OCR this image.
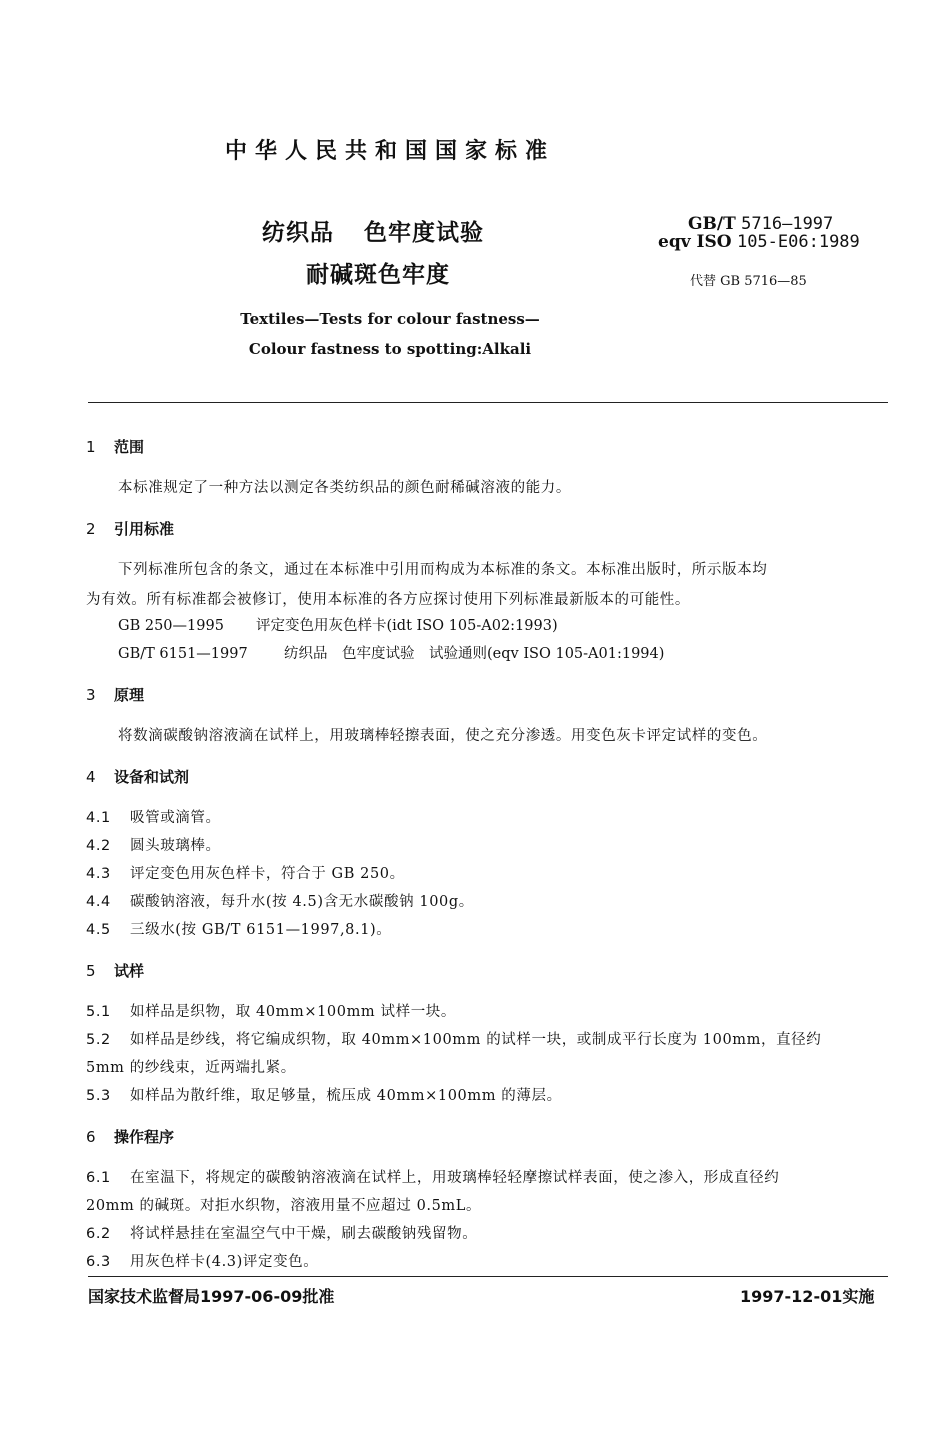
中华人民共和国国家标准
纺织品 色牢度试验
耐碱斑色牢度
GB/T 5716—1997
eqv ISO 105-E06:1989
代替 GB 5716—85
Textiles—Tests for colour fastness—
Colour fastness to spotting:Alkali
1 范围
本标准规定了一种方法以测定各类纺织品的颜色耐稀碱溶液的能力。
2 引用标准
下列标准所包含的条文，通过在本标准中引用而构成为本标准的条文。本标准出版时，所示版本均
为有效。所有标准都会被修订，使用本标准的各方应探讨使用下列标准最新版本的可能性。
GB 250—1995 评定变色用灰色样卡(idt ISO 105-A02:1993)
GB/T 6151—1997	纺织品　色牢度试验　试验通则(eqv ISO 105-A01:1994)
3 原理
将数滴碳酸钠溶液滴在试样上，用玻璃棒轻擦表面，使之充分渗透。用变色灰卡评定试样的变色。
4 设备和试剂
4.1 吸管或滴管。
4.2 圆头玻璃棒。
4.3 评定变色用灰色样卡，符合于 GB 250。
4.4 碳酸钠溶液，每升水(按 4.5)含无水碳酸钠 100g。
4.5 三级水(按 GB/T 6151—1997,8.1)。
5 试样
5.1 如样品是织物，取 40mm×100mm 试样一块。
5.2 如样品是纱线，将它编成织物，取 40mm×100mm 的试样一块，或制成平行长度为 100mm，直径约
5mm 的纱线束，近两端扎紧。
5.3 如样品为散纤维，取足够量，梳压成 40mm×100mm 的薄层。
6 操作程序
6.1 在室温下，将规定的碳酸钠溶液滴在试样上，用玻璃棒轻轻摩擦试样表面，使之渗入，形成直径约
20mm 的碱斑。对拒水织物，溶液用量不应超过 0.5mL。
6.2 将试样悬挂在室温空气中干燥，刷去碳酸钠残留物。
6.3 用灰色样卡(4.3)评定变色。
国家技术监督局1997-06-09批准	1997-12-01实施
